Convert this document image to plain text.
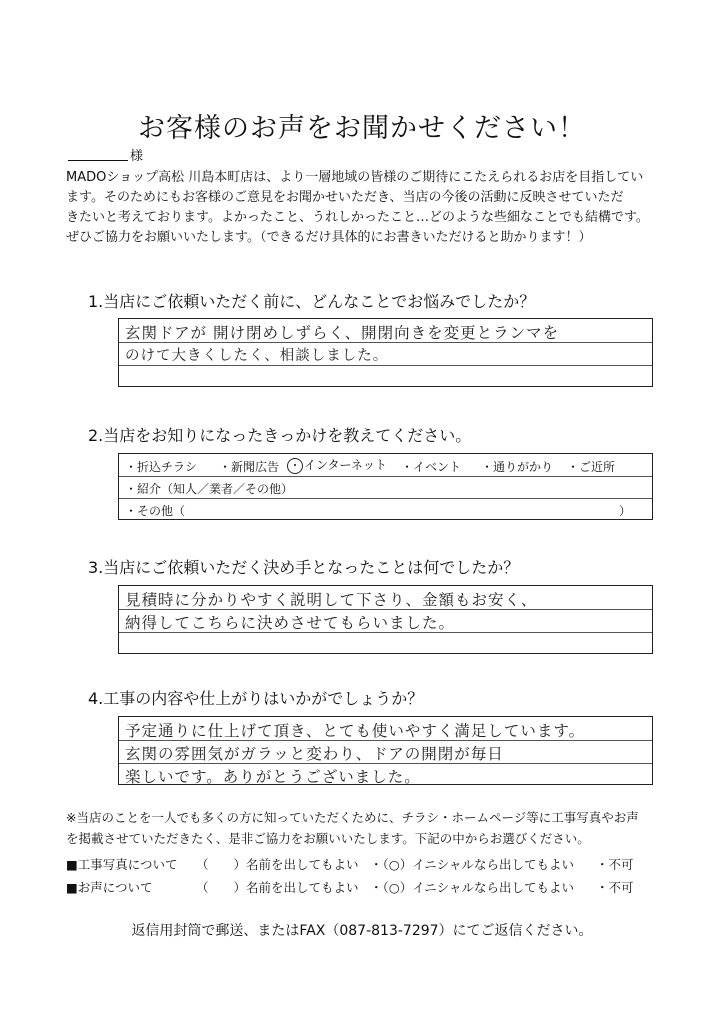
お客様のお声をお聞かせください！
様
MADOショップ高松 川島本町店は、より一層地域の皆様のご期待にこたえられるお店を目指してい
ます。そのためにもお客様のご意見をお聞かせいただき、当店の今後の活動に反映させていただ
きたいと考えております。よかったこと、うれしかったこと…どのような些細なことでも結構です。
ぜひご協力をお願いいたします。（できるだけ具体的にお書きいただけると助かります！）
1.当店にご依頼いただく前に、どんなことでお悩みでしたか？
玄関ドアが 開け閉めしずらく、開閉向きを変更とランマを
のけて大きくしたく、相談しました。
2.当店をお知りになったきっかけを教えてください。
・折込チラシ ・新聞広告 ・ インターネット ・イベント ・通りがかり ・ご近所
・紹介（知人／業者／その他）
・その他（	）
3.当店にご依頼いただく決め手となったことは何でしたか？
見積時に分かりやすく説明して下さり、金額もお安く、
納得してこちらに決めさせてもらいました。
4.工事の内容や仕上がりはいかがでしょうか？
予定通りに仕上げて頂き、とても使いやすく満足しています。
玄関の雰囲気がガラッと変わり、ドアの開閉が毎日
楽しいです。ありがとうございました。
※当店のことを一人でも多くの方に知っていただくために、チラシ・ホームページ等に工事写真やお声
を掲載させていただきたく、是非ご協力をお願いいたします。下記の中からお選びください。
■工事写真について （　　） 名前を出してもよい ・（○）イニシャルなら出してもよい ・不可
■お声について	（　　） 名前を出してもよい ・（○）イニシャルなら出してもよい ・不可
返信用封筒で郵送、またはFAX（087-813-7297）にてご返信ください。
